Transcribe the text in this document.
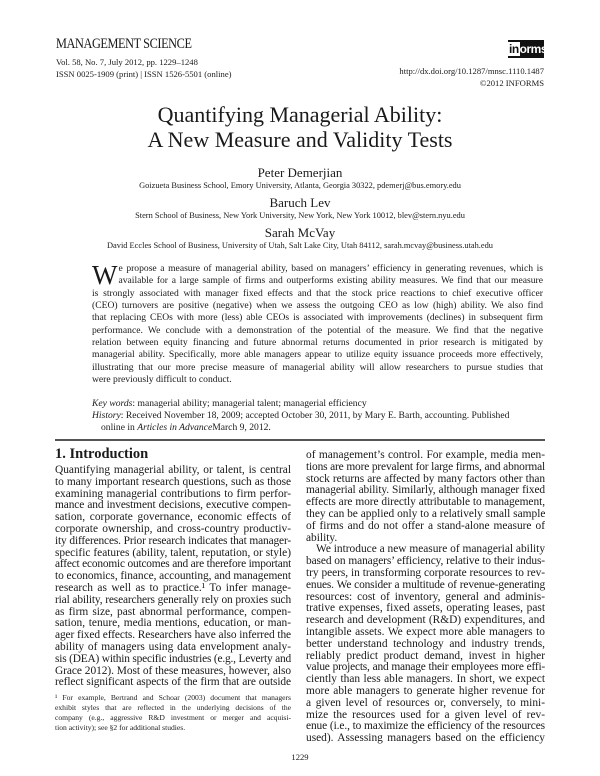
MANAGEMENT SCIENCE
Vol. 58, No. 7, July 2012, pp. 1229–1248
ISSN 0025-1909 (print) | ISSN 1526-5501 (online)
inorms
http://dx.doi.org/10.1287/mnsc.1110.1487
©2012 INFORMS
Quantifying Managerial Ability:
A New Measure and Validity Tests
Peter Demerjian
Goizueta Business School, Emory University, Atlanta, Georgia 30322, pdemerj@bus.emory.edu
Baruch Lev
Stern School of Business, New York University, New York, New York 10012, blev@stern.nyu.edu
Sarah McVay
David Eccles School of Business, University of Utah, Salt Lake City, Utah 84112, sarah.mcvay@business.utah.edu
W e propose a measure of managerial ability, based on managers’ efficiency in generating revenues, which is
available for a large sample of firms and outperforms existing ability measures. We find that our measure
is strongly associated with manager fixed effects and that the stock price reactions to chief executive officer
(CEO) turnovers are positive (negative) when we assess the outgoing CEO as low (high) ability. We also find
that replacing CEOs with more (less) able CEOs is associated with improvements (declines) in subsequent firm
performance. We conclude with a demonstration of the potential of the measure. We find that the negative
relation between equity financing and future abnormal returns documented in prior research is mitigated by
managerial ability. Specifically, more able managers appear to utilize equity issuance proceeds more effectively,
illustrating that our more precise measure of managerial ability will allow researchers to pursue studies that
were previously difficult to conduct.
Key words: managerial ability; managerial talent; managerial efficiency
History: Received November 18, 2009; accepted October 30, 2011, by Mary E. Barth, accounting. Published
online in Articles in AdvanceMarch 9, 2012.
1. Introduction
Quantifying managerial ability, or talent, is central
to many important research questions, such as those
examining managerial contributions to firm perfor-
mance and investment decisions, executive compen-
sation, corporate governance, economic effects of
corporate ownership, and cross-country productiv-
ity differences. Prior research indicates that manager-
specific features (ability, talent, reputation, or style)
affect economic outcomes and are therefore important
to economics, finance, accounting, and management
research as well as to practice.¹ To infer manage-
rial ability, researchers generally rely on proxies such
as firm size, past abnormal performance, compen-
sation, tenure, media mentions, education, or man-
ager fixed effects. Researchers have also inferred the
ability of managers using data envelopment analy-
sis (DEA) within specific industries (e.g., Leverty and
Grace 2012). Most of these measures, however, also
reflect significant aspects of the firm that are outside
of management’s control. For example, media men-
tions are more prevalent for large firms, and abnormal
stock returns are affected by many factors other than
managerial ability. Similarly, although manager fixed
effects are more directly attributable to management,
they can be applied only to a relatively small sample
of firms and do not offer a stand-alone measure of
ability.
We introduce a new measure of managerial ability
based on managers’ efficiency, relative to their indus-
try peers, in transforming corporate resources to rev-
enues. We consider a multitude of revenue-generating
resources: cost of inventory, general and adminis-
trative expenses, fixed assets, operating leases, past
research and development (R&D) expenditures, and
intangible assets. We expect more able managers to
better understand technology and industry trends,
reliably predict product demand, invest in higher
value projects, and manage their employees more effi-
ciently than less able managers. In short, we expect
more able managers to generate higher revenue for
a given level of resources or, conversely, to mini-
mize the resources used for a given level of rev-
enue (i.e., to maximize the efficiency of the resources
used). Assessing managers based on the efficiency
¹ For example, Bertrand and Schoar (2003) document that managers
exhibit styles that are reflected in the underlying decisions of the
company (e.g., aggressive R&D investment or merger and acquisi-
tion activity); see §2 for additional studies.
1229
